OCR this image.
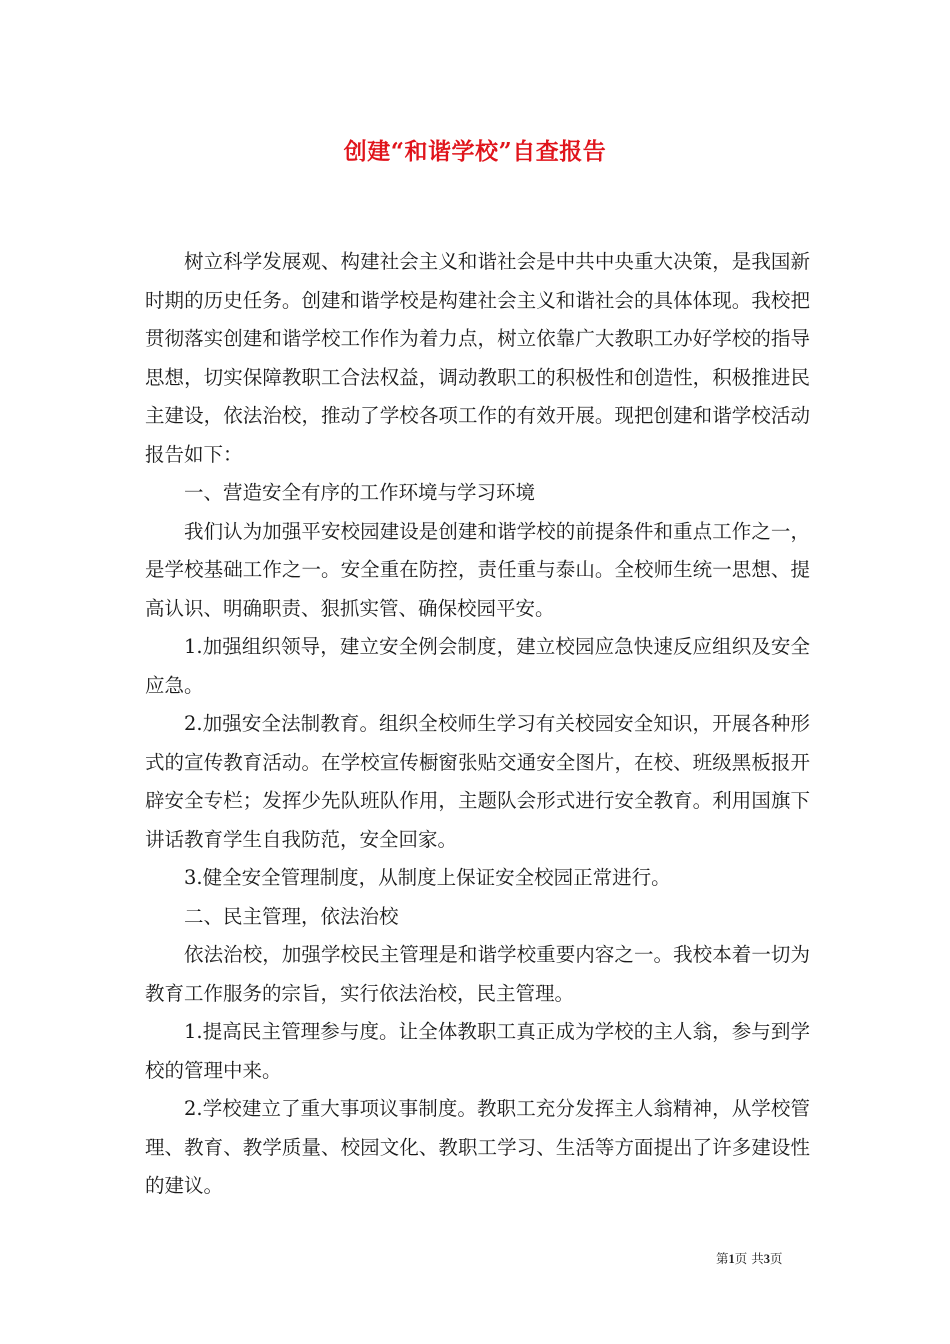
创建“和谐学校”自查报告

树立科学发展观、构建社会主义和谐社会是中共中央重大决策，是我国新时期的历史任务。创建和谐学校是构建社会主义和谐社会的具体体现。我校把贯彻落实创建和谐学校工作作为着力点，树立依靠广大教职工办好学校的指导思想，切实保障教职工合法权益，调动教职工的积极性和创造性，积极推进民主建设，依法治校，推动了学校各项工作的有效开展。现把创建和谐学校活动报告如下：

一、营造安全有序的工作环境与学习环境

我们认为加强平安校园建设是创建和谐学校的前提条件和重点工作之一，是学校基础工作之一。安全重在防控，责任重与泰山。全校师生统一思想、提高认识、明确职责、狠抓实管、确保校园平安。

1.加强组织领导，建立安全例会制度，建立校园应急快速反应组织及安全应急。

2.加强安全法制教育。组织全校师生学习有关校园安全知识，开展各种形式的宣传教育活动。在学校宣传橱窗张贴交通安全图片，在校、班级黑板报开辟安全专栏；发挥少先队班队作用，主题队会形式进行安全教育。利用国旗下讲话教育学生自我防范，安全回家。

3.健全安全管理制度，从制度上保证安全校园正常进行。

二、民主管理，依法治校

依法治校，加强学校民主管理是和谐学校重要内容之一。我校本着一切为教育工作服务的宗旨，实行依法治校，民主管理。

1.提高民主管理参与度。让全体教职工真正成为学校的主人翁，参与到学校的管理中来。

2.学校建立了重大事项议事制度。教职工充分发挥主人翁精神，从学校管理、教育、教学质量、校园文化、教职工学习、生活等方面提出了许多建设性的建议。

第1页 共3页
